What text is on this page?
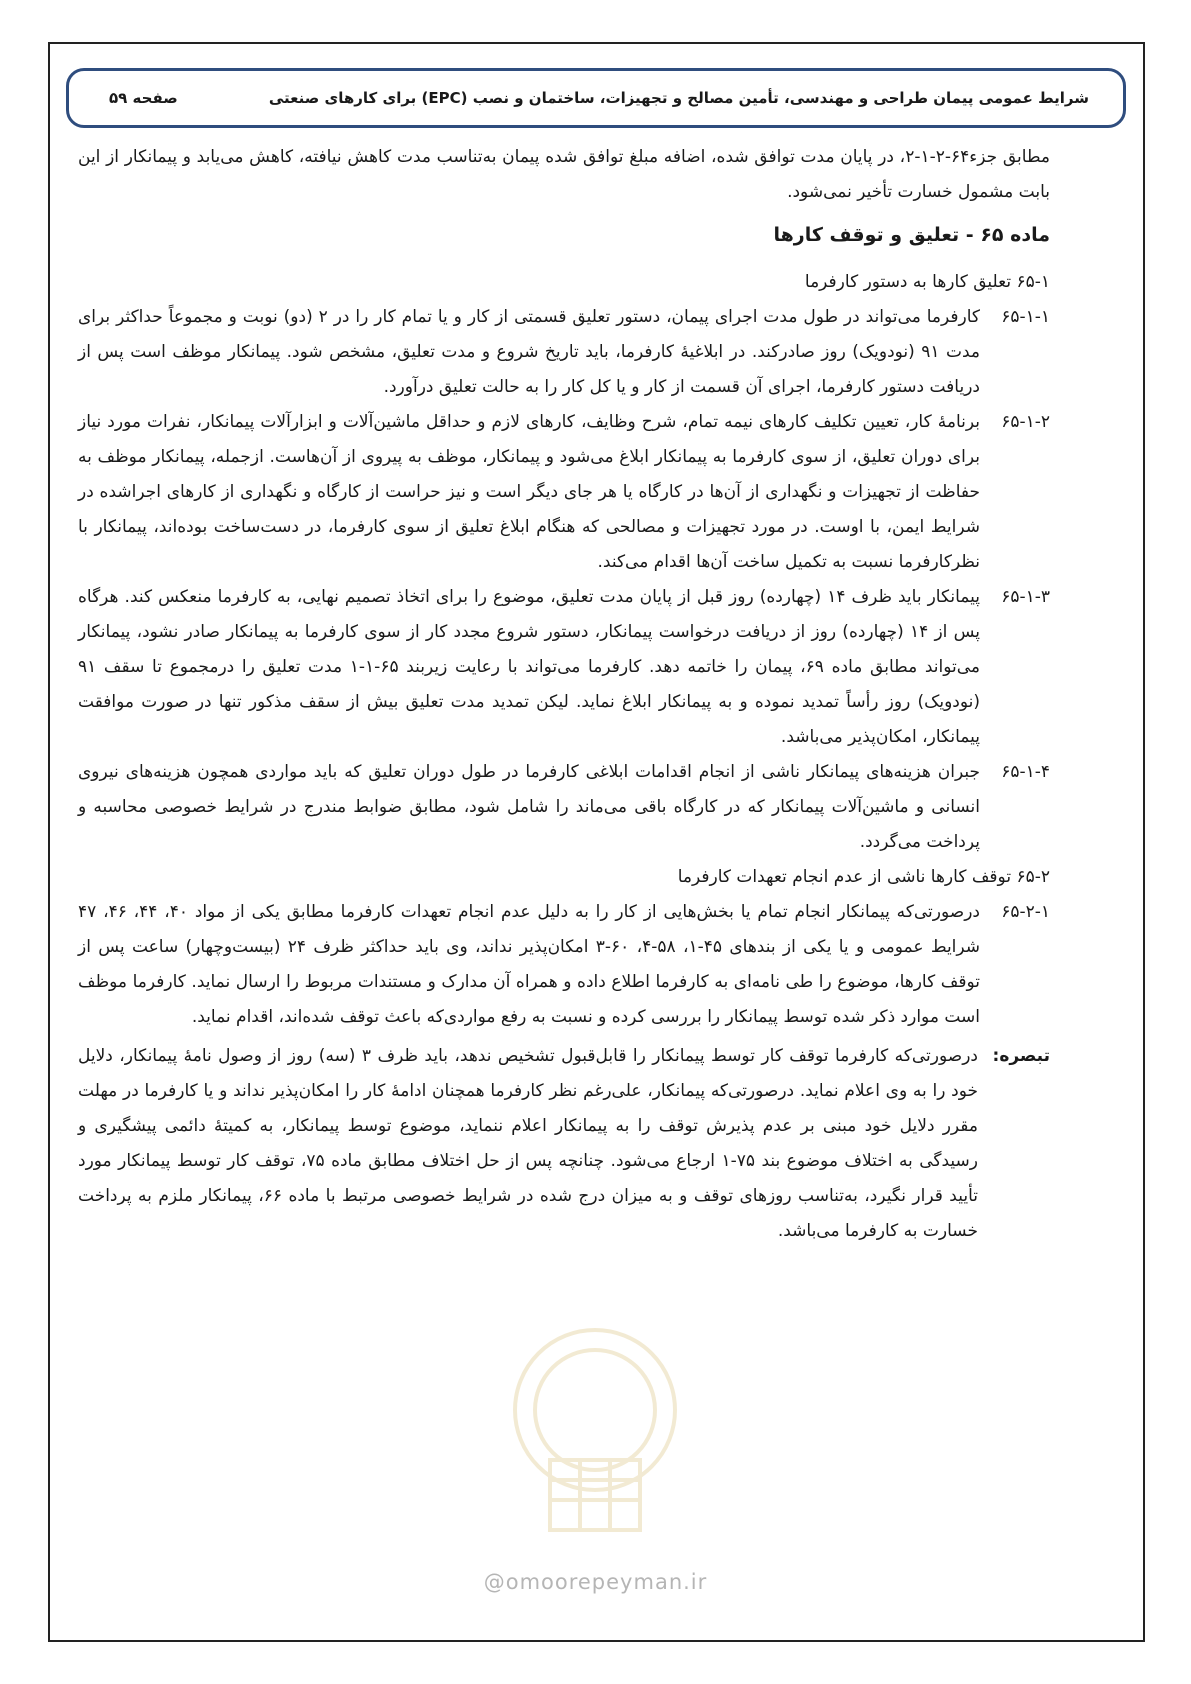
شرایط عمومی پیمان طراحی و مهندسی، تأمین مصالح و تجهیزات، ساختمان و نصب (EPC) برای کارهای صنعتی
صفحه ۵۹

مطابق جزء۶۴-۲-۱-۲، در پایان مدت توافق شده، اضافه مبلغ توافق شده پیمان به‌تناسب مدت کاهش نیافته، کاهش می‌یابد و پیمانکار از این بابت مشمول خسارت تأخیر نمی‌شود.

ماده ۶۵ - تعلیق و توقف کارها

۶۵-۱ تعلیق کارها به دستور کارفرما

۶۵-۱-۱
کارفرما می‌تواند در طول مدت اجرای پیمان، دستور تعلیق قسمتی از کار و یا تمام کار را در ۲ (دو) نوبت و مجموعاً حداکثر برای مدت ۹۱ (نودویک) روز صادرکند. در ابلاغیهٔ کارفرما، باید تاریخ شروع و مدت تعلیق، مشخص شود. پیمانکار موظف است پس از دریافت دستور کارفرما، اجرای آن قسمت از کار و یا کل کار را به حالت تعلیق درآورد.
۶۵-۱-۲
برنامهٔ کار، تعیین تکلیف کارهای نیمه تمام، شرح وظایف، کارهای لازم و حداقل ماشین‌آلات و ابزارآلات پیمانکار، نفرات مورد نیاز برای دوران تعلیق، از سوی کارفرما به پیمانکار ابلاغ می‌شود و پیمانکار، موظف به پیروی از آن‌هاست. ازجمله، پیمانکار موظف به حفاظت از تجهیزات و نگهداری از آن‌ها در کارگاه یا هر جای دیگر است و نیز حراست از کارگاه و نگهداری از کارهای اجراشده در شرایط ایمن، با اوست. در مورد تجهیزات و مصالحی که هنگام ابلاغ تعلیق از سوی کارفرما، در دست‌ساخت بوده‌اند، پیمانکار با نظرکارفرما نسبت به تکمیل ساخت آن‌ها اقدام می‌کند.
۶۵-۱-۳
پیمانکار باید ظرف ۱۴ (چهارده) روز قبل از پایان مدت تعلیق، موضوع را برای اتخاذ تصمیم نهایی، به کارفرما منعکس کند. هرگاه پس از ۱۴ (چهارده) روز از دریافت درخواست پیمانکار، دستور شروع مجدد کار از سوی کارفرما به پیمانکار صادر نشود، پیمانکار می‌تواند مطابق ماده ۶۹، پیمان را خاتمه دهد. کارفرما می‌تواند با رعایت زیربند ۶۵-۱-۱ مدت تعلیق را درمجموع تا سقف ۹۱ (نودویک) روز رأساً تمدید نموده و به پیمانکار ابلاغ نماید. لیکن تمدید مدت تعلیق بیش از سقف مذکور تنها در صورت موافقت پیمانکار، امکان‌پذیر می‌باشد.
۶۵-۱-۴
جبران هزینه‌های پیمانکار ناشی از انجام اقدامات ابلاغی کارفرما در طول دوران تعلیق که باید مواردی همچون هزینه‌های نیروی انسانی و ماشین‌آلات پیمانکار که در کارگاه باقی می‌ماند را شامل شود، مطابق ضوابط مندرج در شرایط خصوصی محاسبه و پرداخت می‌گردد.

۶۵-۲ توقف کارها ناشی از عدم انجام تعهدات کارفرما

۶۵-۲-۱
درصورتی‌که پیمانکار انجام تمام یا بخش‌هایی از کار را به دلیل عدم انجام تعهدات کارفرما مطابق یکی از مواد ۴۰، ۴۴، ۴۶، ۴۷ شرایط عمومی و یا یکی از بندهای ۴۵-۱، ۵۸-۴، ۶۰-۳ امکان‌پذیر نداند، وی باید حداکثر ظرف ۲۴ (بیست‌وچهار) ساعت پس از توقف کارها، موضوع را طی نامه‌ای به کارفرما اطلاع داده و همراه آن مدارک و مستندات مربوط را ارسال نماید. کارفرما موظف است موارد ذکر شده توسط پیمانکار را بررسی کرده و نسبت به رفع مواردی‌که باعث توقف شده‌اند، اقدام نماید.
تبصره:
درصورتی‌که کارفرما توقف کار توسط پیمانکار را قابل‌قبول تشخیص ندهد، باید ظرف ۳ (سه) روز از وصول نامهٔ پیمانکار، دلایل خود را به وی اعلام نماید. درصورتی‌که پیمانکار، علی‌رغم نظر کارفرما همچنان ادامهٔ کار را امکان‌پذیر نداند و یا کارفرما در مهلت مقرر دلایل خود مبنی بر عدم پذیرش توقف را به پیمانکار اعلام ننماید، موضوع توسط پیمانکار، به کمیتهٔ دائمی پیشگیری و رسیدگی به اختلاف موضوع بند ۷۵-۱ ارجاع می‌شود. چنانچه پس از حل اختلاف مطابق ماده ۷۵، توقف کار توسط پیمانکار مورد تأیید قرار نگیرد، به‌تناسب روزهای توقف و به میزان درج شده در شرایط خصوصی مرتبط با ماده ۶۶، پیمانکار ملزم به پرداخت خسارت به کارفرما می‌باشد.
@omoorepeyman.ir
